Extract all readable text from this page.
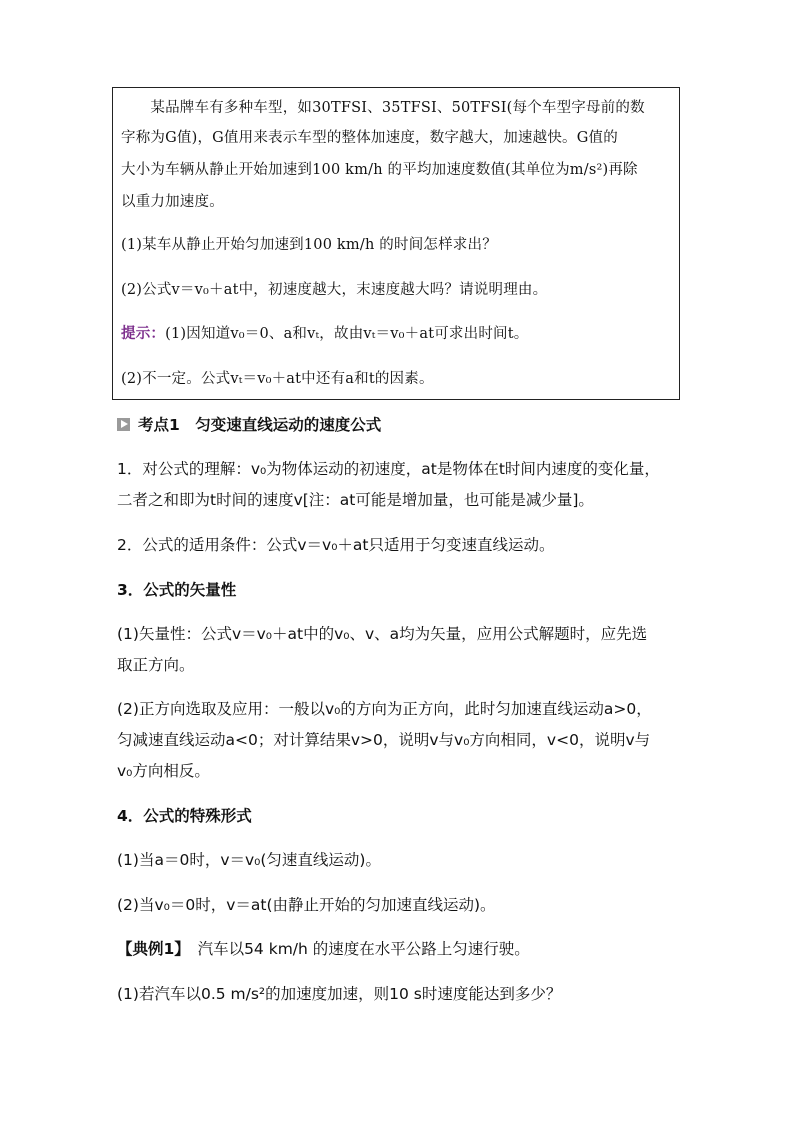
　　某品牌车有多种车型，如30TFSI、35TFSI、50TFSI(每个车型字母前的数
字称为G值)，G值用来表示车型的整体加速度，数字越大，加速越快。G值的
大小为车辆从静止开始加速到100 km/h 的平均加速度数值(其单位为m/s²)再除
以重力加速度。
(1)某车从静止开始匀加速到100 km/h 的时间怎样求出？
(2)公式v＝v₀＋at中，初速度越大，末速度越大吗？请说明理由。
提示：(1)因知道v₀＝0、a和vₜ，故由vₜ＝v₀＋at可求出时间t。
(2)不一定。公式vₜ＝v₀＋at中还有a和t的因素。
考点1　匀变速直线运动的速度公式
1．对公式的理解：v₀为物体运动的初速度，at是物体在t时间内速度的变化量，
二者之和即为t时间的速度v[注：at可能是增加量，也可能是减少量]。
2．公式的适用条件：公式v＝v₀＋at只适用于匀变速直线运动。
3．公式的矢量性
(1)矢量性：公式v＝v₀＋at中的v₀、v、a均为矢量，应用公式解题时，应先选
取正方向。
(2)正方向选取及应用：一般以v₀的方向为正方向，此时匀加速直线运动a>0，
匀减速直线运动a<0；对计算结果v>0，说明v与v₀方向相同，v<0，说明v与
v₀方向相反。
4．公式的特殊形式
(1)当a＝0时，v＝v₀(匀速直线运动)。
(2)当v₀＝0时，v＝at(由静止开始的匀加速直线运动)。
【典例1】　 汽车以54 km/h 的速度在水平公路上匀速行驶。
(1)若汽车以0.5 m/s²的加速度加速，则10 s时速度能达到多少？
